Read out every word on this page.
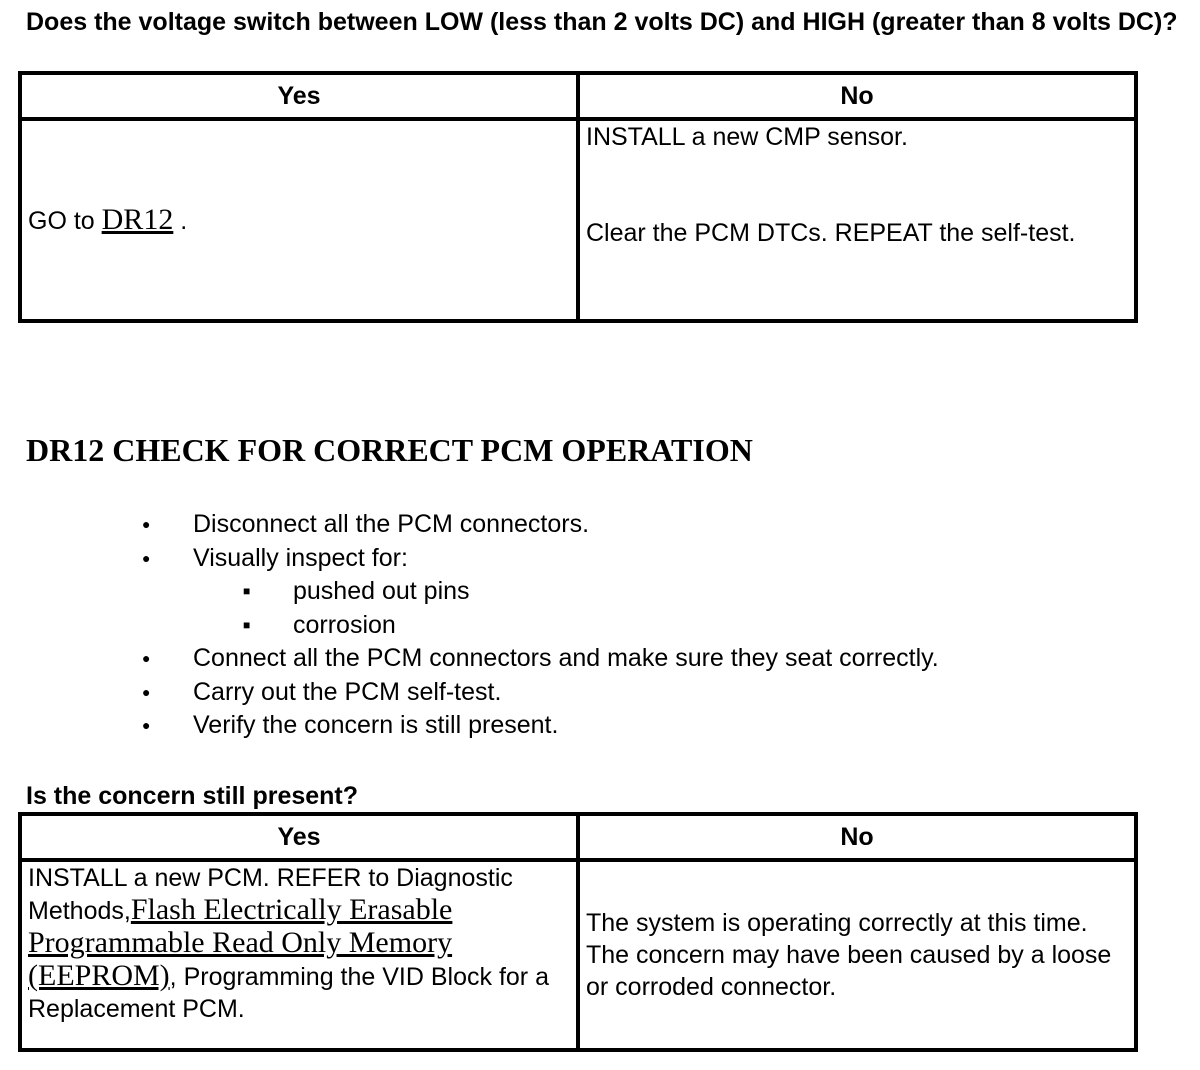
Does the voltage switch between LOW (less than 2 volts DC) and HIGH (greater than 8 volts DC)?

Yes	No
GO to DR12 .	INSTALL a new CMP sensor.
Clear the PCM DTCs. REPEAT the self-test.
DR12 CHECK FOR CORRECT PCM OPERATION
● Disconnect all the PCM connectors.
● Visually inspect for:
■ pushed out pins
■ corrosion
● Connect all the PCM connectors and make sure they seat correctly.
● Carry out the PCM self-test.
● Verify the concern is still present.

Is the concern still present?

Yes	No
INSTALL a new PCM. REFER to Diagnostic Methods,Flash Electrically Erasable Programmable Read Only Memory (EEPROM), Programming the VID Block for a Replacement PCM.	The system is operating correctly at this time. The concern may have been caused by a loose or corroded connector.
